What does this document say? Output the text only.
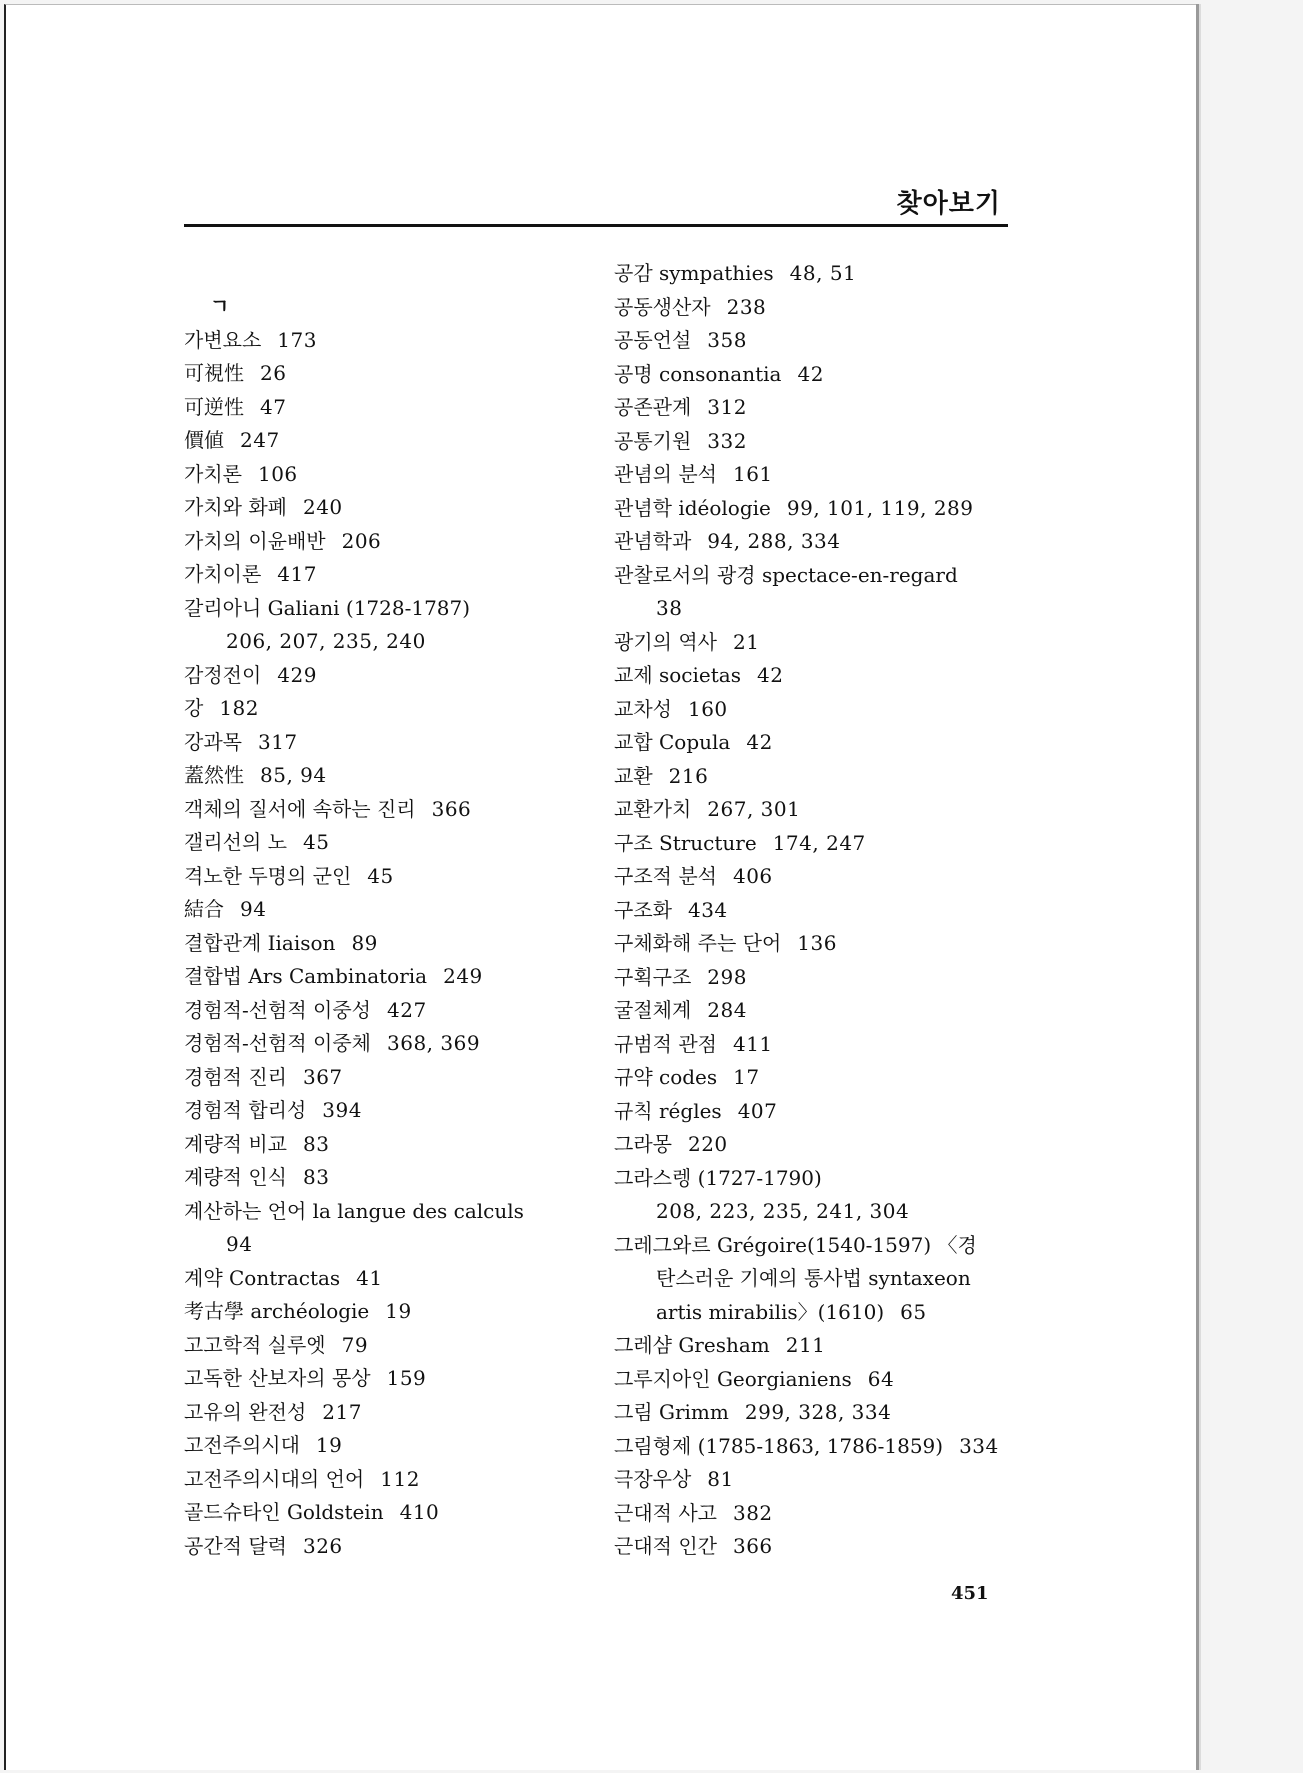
찾아보기
ㄱ
가변요소 173
可視性 26
可逆性 47
價値 247
가치론 106
가치와 화폐 240
가치의 이윤배반 206
가치이론 417
갈리아니 Galiani (1728-1787)
206, 207, 235, 240
감정전이 429
강 182
강과목 317
蓋然性 85, 94
객체의 질서에 속하는 진리 366
갤리선의 노 45
격노한 두명의 군인 45
結合 94
결합관계 Iiaison 89
결합법 Ars Cambinatoria 249
경험적-선험적 이중성 427
경험적-선험적 이중체 368, 369
경험적 진리 367
경험적 합리성 394
계량적 비교 83
계량적 인식 83
계산하는 언어 la langue des calculs
94
계약 Contractas 41
考古學 archéologie 19
고고학적 실루엣 79
고독한 산보자의 몽상 159
고유의 완전성 217
고전주의시대 19
고전주의시대의 언어 112
골드슈타인 Goldstein 410
공간적 달력 326
공감 sympathies 48, 51
공동생산자 238
공동언설 358
공명 consonantia 42
공존관계 312
공통기원 332
관념의 분석 161
관념학 idéologie 99, 101, 119, 289
관념학과 94, 288, 334
관찰로서의 광경 spectace-en-regard
38
광기의 역사 21
교제 societas 42
교차성 160
교합 Copula 42
교환 216
교환가치 267, 301
구조 Structure 174, 247
구조적 분석 406
구조화 434
구체화해 주는 단어 136
구획구조 298
굴절체계 284
규범적 관점 411
규약 codes 17
규칙 régles 407
그라몽 220
그라스렝 (1727-1790)
208, 223, 235, 241, 304
그레그와르 Grégoire(1540-1597) 〈경
탄스러운 기예의 통사법 syntaxeon
artis mirabilis〉(1610) 65
그레샴 Gresham 211
그루지아인 Georgianiens 64
그림 Grimm 299, 328, 334
그림형제 (1785-1863, 1786-1859) 334
극장우상 81
근대적 사고 382
근대적 인간 366

451
